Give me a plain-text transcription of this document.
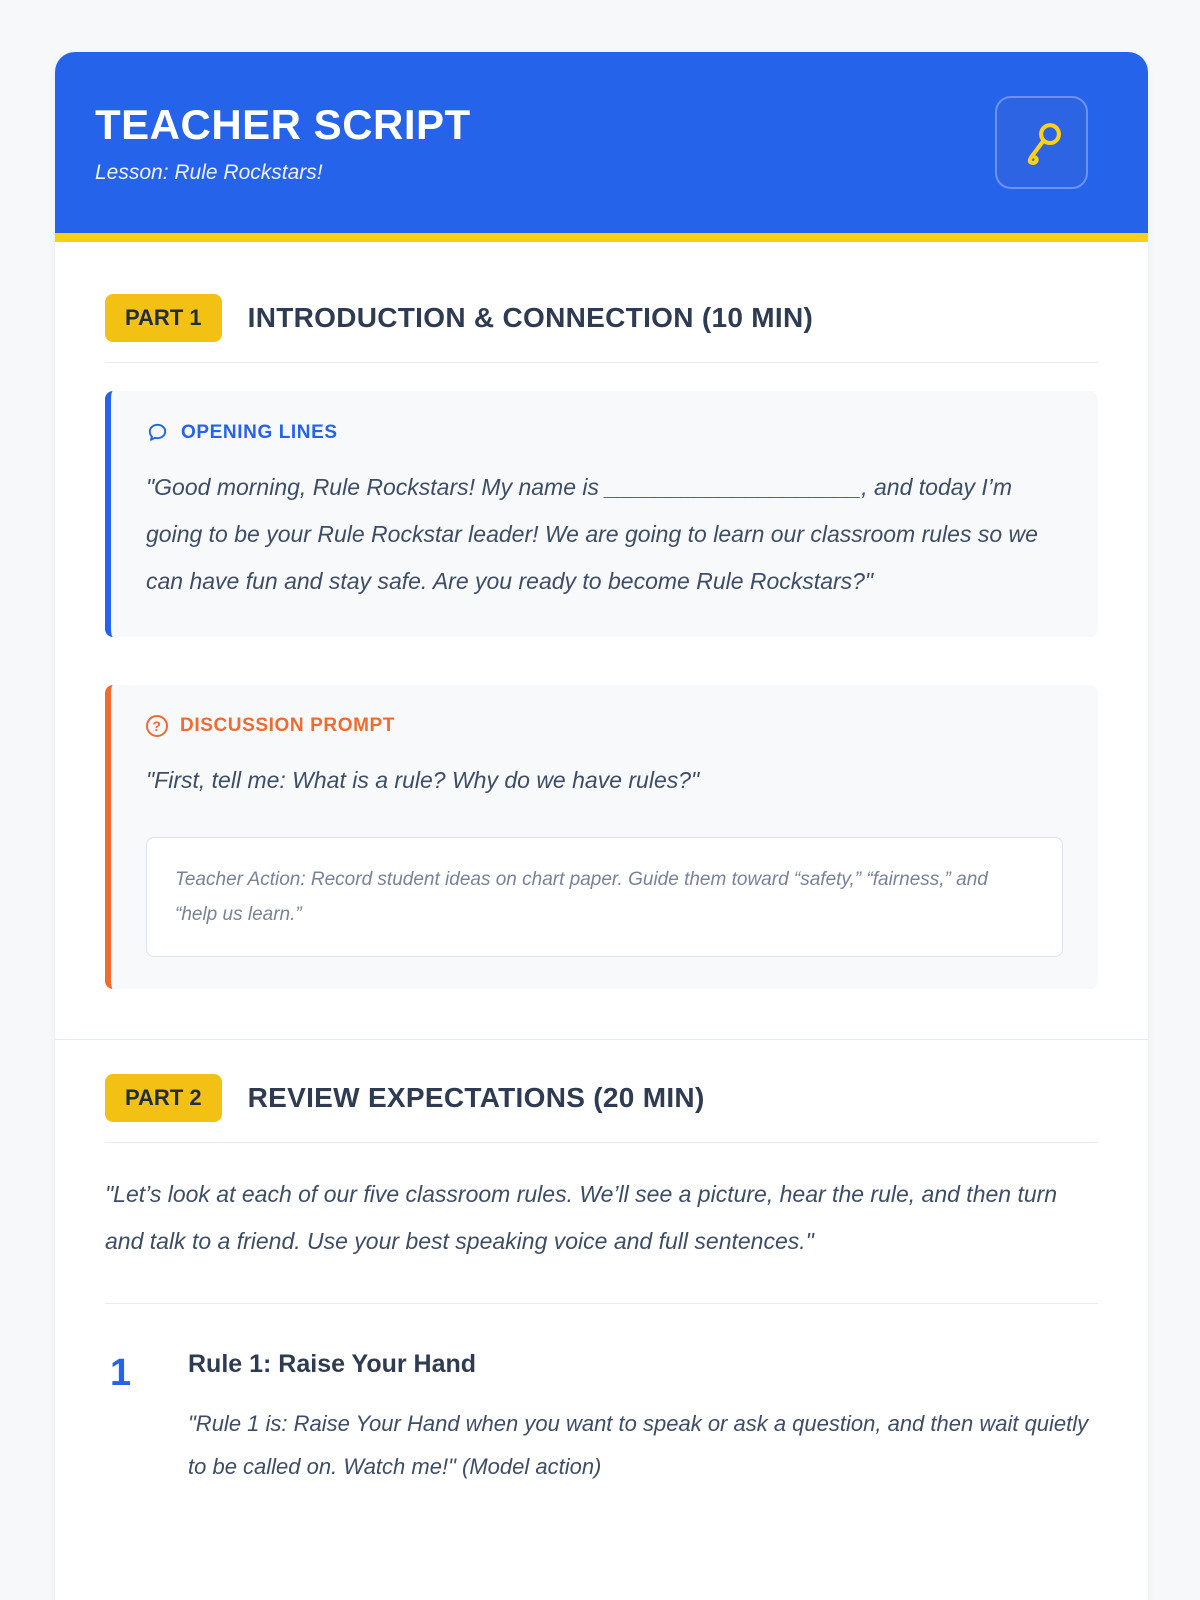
TEACHER SCRIPT

Lesson: Rule Rockstars!

PART 1	INTRODUCTION & CONNECTION (10 MIN)
OPENING LINES

"Good morning, Rule Rockstars! My name is ____________________, and today I’m going to be your Rule Rockstar leader! We are going to learn our classroom rules so we can have fun and stay safe. Are you ready to become Rule Rockstars?"

? DISCUSSION PROMPT

"First, tell me: What is a rule? Why do we have rules?"

Teacher Action: Record student ideas on chart paper. Guide them toward “safety,” “fairness,” and “help us learn.”

PART 2	REVIEW EXPECTATIONS (20 MIN)

"Let’s look at each of our five classroom rules. We’ll see a picture, hear the rule, and then turn and talk to a friend. Use your best speaking voice and full sentences."

1	Rule 1: Raise Your Hand

"Rule 1 is: Raise Your Hand when you want to speak or ask a question, and then wait quietly to be called on. Watch me!" (Model action)
